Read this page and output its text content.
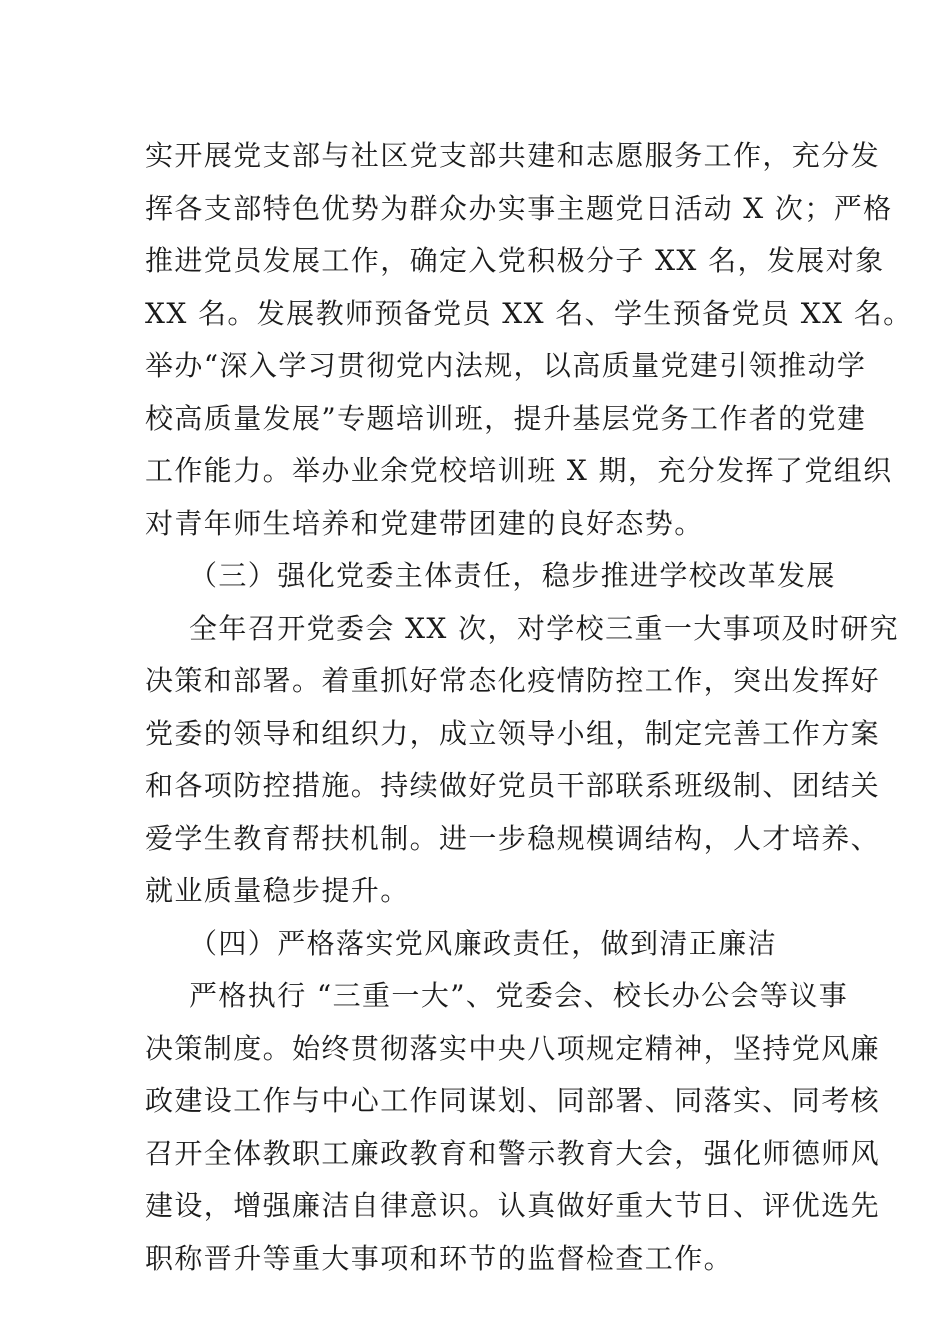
实开展党支部与社区党支部共建和志愿服务工作，充分发
挥各支部特色优势为群众办实事主题党日活动 X 次；严格
推进党员发展工作，确定入党积极分子 XX 名，发展对象
XX 名。发展教师预备党员 XX 名、学生预备党员 XX 名。
举办“深入学习贯彻党内法规，以高质量党建引领推动学
校高质量发展”专题培训班，提升基层党务工作者的党建
工作能力。举办业余党校培训班 X 期，充分发挥了党组织
对青年师生培养和党建带团建的良好态势。
（三）强化党委主体责任，稳步推进学校改革发展
全年召开党委会 XX 次，对学校三重一大事项及时研究
决策和部署。着重抓好常态化疫情防控工作，突出发挥好
党委的领导和组织力，成立领导小组，制定完善工作方案
和各项防控措施。持续做好党员干部联系班级制、团结关
爱学生教育帮扶机制。进一步稳规模调结构，人才培养、
就业质量稳步提升。
（四）严格落实党风廉政责任，做到清正廉洁
严格执行 “三重一大”、党委会、校长办公会等议事
决策制度。始终贯彻落实中央八项规定精神，坚持党风廉
政建设工作与中心工作同谋划、同部署、同落实、同考核
召开全体教职工廉政教育和警示教育大会，强化师德师风
建设，增强廉洁自律意识。认真做好重大节日、评优选先
职称晋升等重大事项和环节的监督检查工作。
